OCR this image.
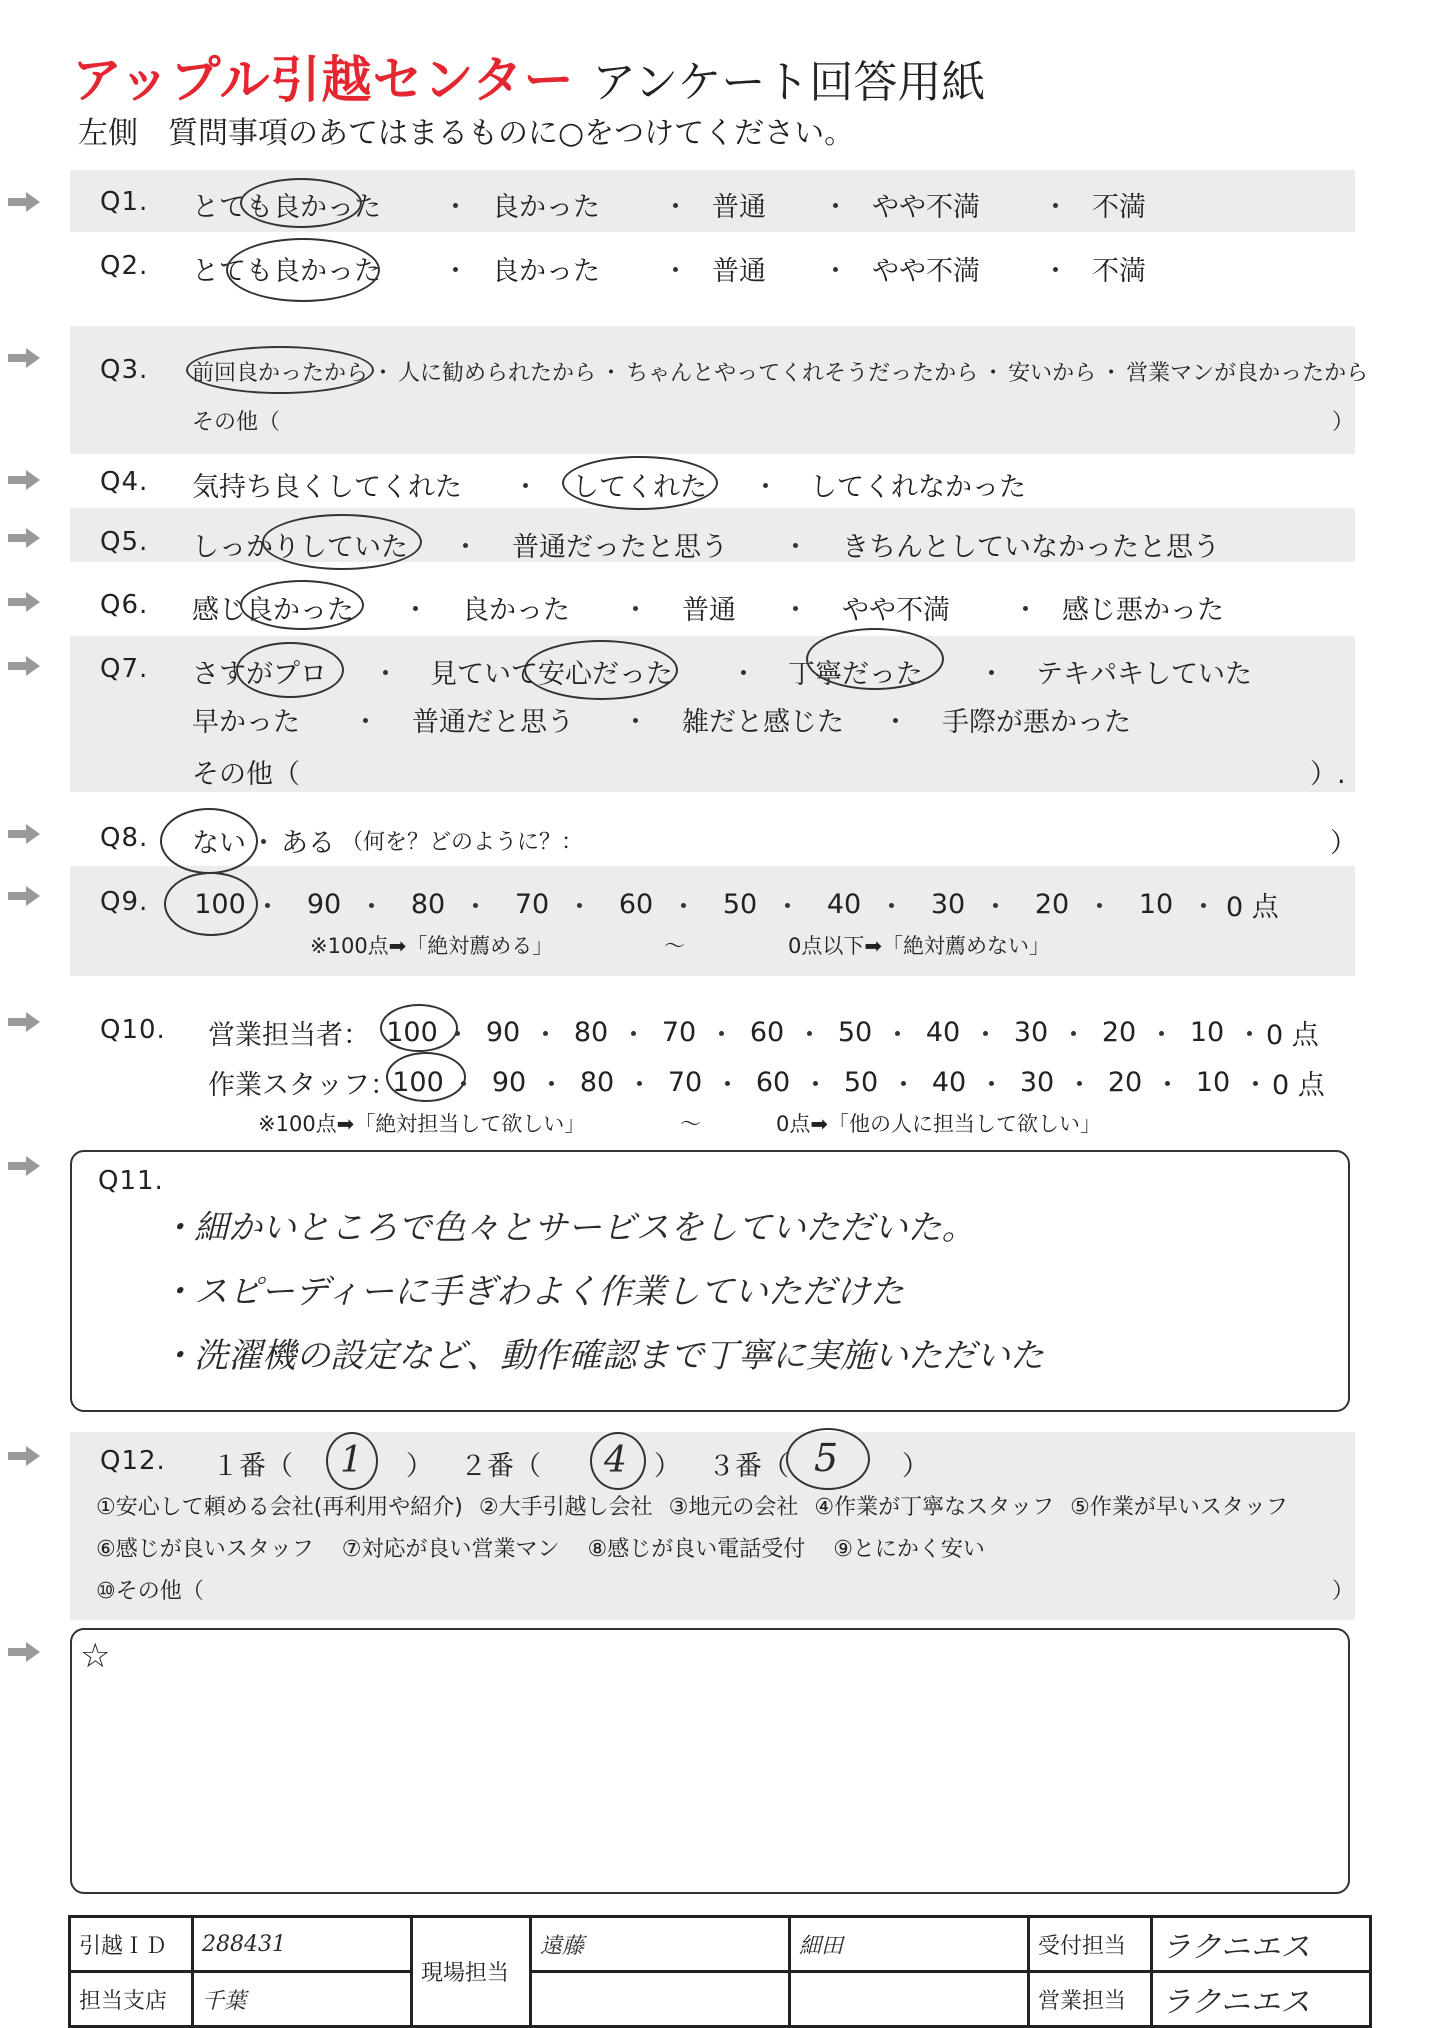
アップル引越センター アンケート回答用紙
左側　質問事項のあてはまるものに○をつけてください。
Q1. とても良かった	・ 良かった	・ 普通	・ やや不満	・ 不満
Q2. とても良かった	・ 良かった	・ 普通	・ やや不満	・ 不満
Q3. 前回良かったから ・ 人に勧められたから ・ ちゃんとやってくれそうだったから ・ 安いから ・ 営業マンが良かったから
その他（	）
Q4. 気持ち良くしてくれた	・	してくれた	・	してくれなかった
Q5. しっかりしていた	・	普通だったと思う	・	きちんとしていなかったと思う
Q6. 感じ良かった	・	良かった	・	普通	・	やや不満	・ 感じ悪かった
Q7. さすがプロ	・	見ていて安心だった	・	丁寧だった	・	テキパキしていた
早かった	・	普通だと思う	・	雑だと感じた	・	手際が悪かった
その他（	）.
Q8. ない ・ ある （何を？どのように？：	）
Q9.	100 ・ 90 ・ 80 ・ 70 ・ 60 ・ 50 ・ 40 ・ 30 ・ 20 ・ 10 ・ 0 点
※100点➡「絶対薦める」	〜	0点以下➡「絶対薦めない」
Q10. 営業担当者： 100 ・ 90 ・ 80 ・ 70 ・ 60 ・ 50 ・ 40 ・ 30 ・ 20 ・ 10 ・ 0 点
作業スタッフ：
100 ・ 90 ・ 80 ・ 70 ・ 60 ・ 50 ・ 40 ・ 30 ・ 20 ・ 10 ・ 0 点
※100点➡「絶対担当して欲しい」	〜	0点➡「他の人に担当して欲しい」
Q11.
・細かいところで色々とサービスをしていただいた。
・スピーディーに手ぎわよく作業していただけた
・洗濯機の設定など、動作確認まで丁寧に実施いただいた
Q12. １番（ 1 ） ２番（ 4 ） ３番（ 5 ）
①安心して頼める会社(再利用や紹介) ②大手引越し会社 ③地元の会社 ④作業が丁寧なスタッフ ⑤作業が早いスタッフ
⑥感じが良いスタッフ ⑦対応が良い営業マン ⑧感じが良い電話受付 ⑨とにかく安い
⑩その他（	）
☆
引越ＩＤ	288431	現場担当	遠藤	細田	受付担当	ラクニエス
担当支店	千葉				営業担当	ラクニエス
